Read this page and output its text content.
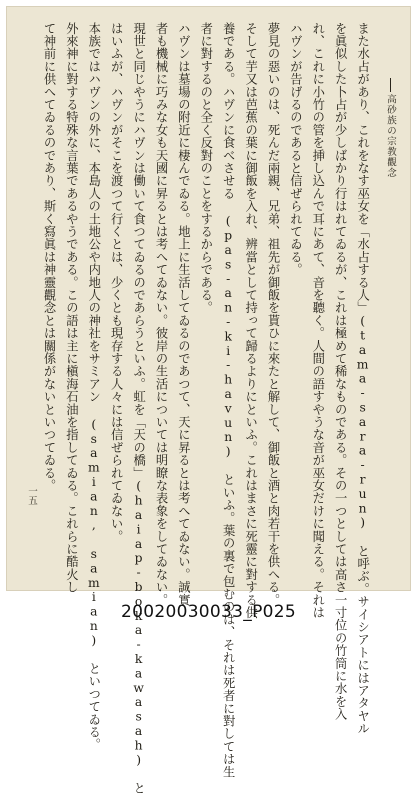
高砂族の宗教觀念
一五	また水占があり、これをなす巫女を「水占する人」(tama-sara-run) と呼ぶ。サイシアトにはアタヤル
を眞似した卜占が少しばかり行はれてゐるが、これは極めて稀なものである。その一つとしては高さ一寸位の竹筒に水を入
れ、これに小竹の管を挿し込んで耳にあて、音を聽く。人間の語すやうな音が巫女だけに聞える。それは
ハヴンが告げるのであると信ぜられてゐる。
夢見の惡いのは、死んだ兩親、兄弟、祖先が御飯を貰ひに來たと解して、御飯と酒と肉若干を供へる。
そして芋又は芭蕉の葉に御飯を入れ、辨當として持って歸るよりにといふ。これはまさに死靈に對する供
養である。ハヴンに食べさせる (pas-an-ki-havun) といふ。葉の裏で包むのは、それは死者に對しては生
者に對するのと全く反對のことをするからである。
ハヴンは墓場の附近に棲んでゐる。地上に生活してゐるのであつて、天に昇るとは考へてゐない。誠實
者も機械に巧みな女も天國に昇るとは考へてゐない。彼岸の生活については明瞭な表象をしてゐない。
現世と同じやうにハヴンは働いて食つてゐるのであらうといふ。虹を「天の橋」(haiap-boka-kawasah) と
はいふが、ハヴンがそこを渡つて行くとは、少くとも現存する人々には信ぜられてゐない。
本族ではハヴンの外に、本島人の土地公や内地人の神社をサミアン (samian, samian) といつてゐる。
外來神に對する特殊な言葉であるやうである。この語は主に槇海石油を指してゐる。これらに酷火し
て神前に供へてゐるのであり、斯く寫眞は神靈觀念とは關係がないといつてゐる。
20020030033_P025
